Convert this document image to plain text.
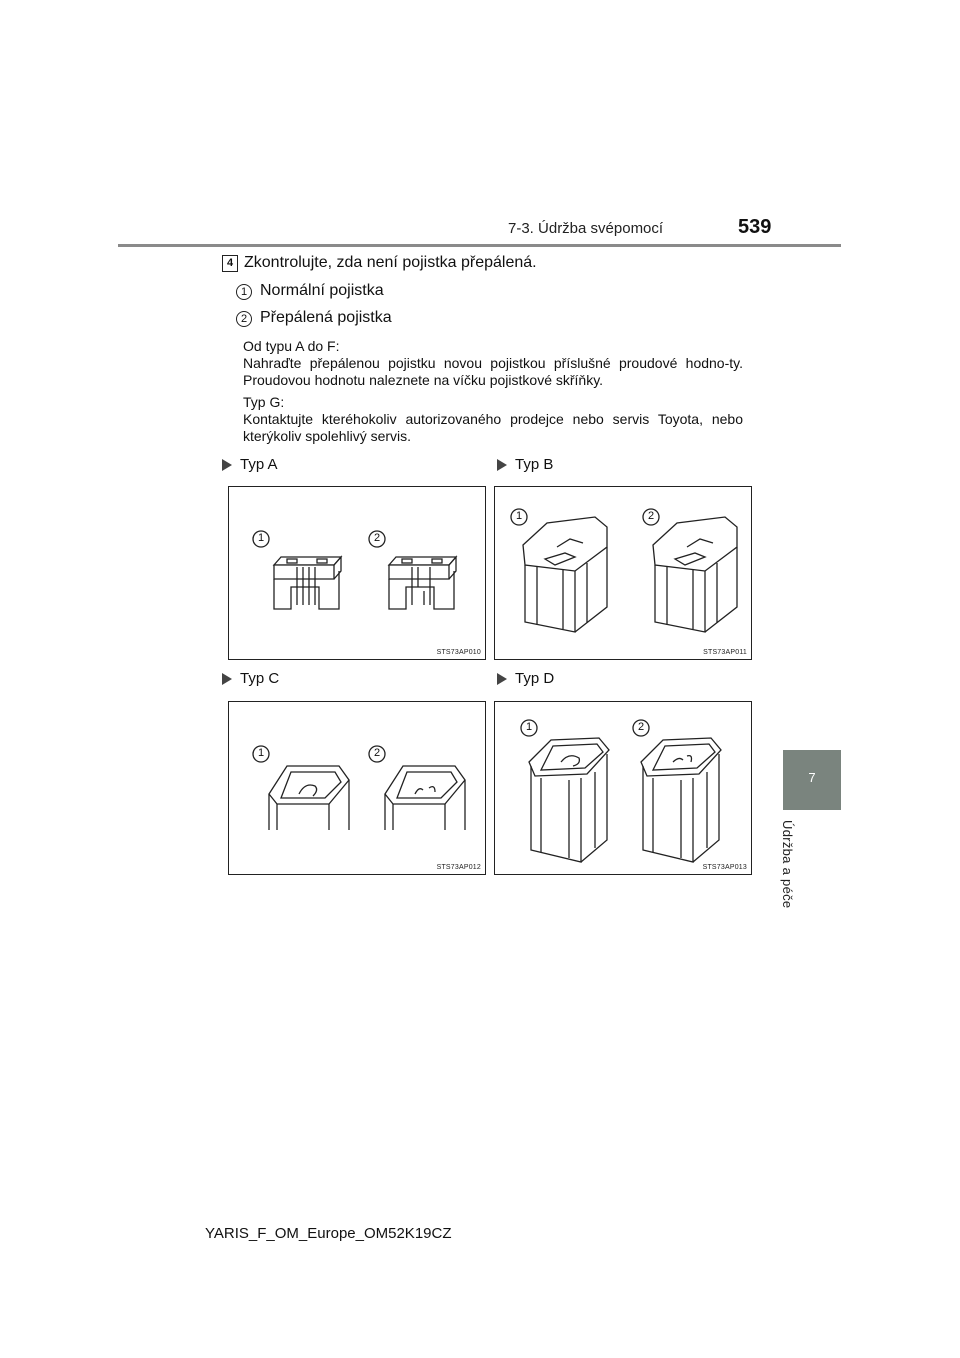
7-3. Údržba svépomocí	539
7
Údržba a péče
4 Zkontrolujte, zda není pojistka přepálená.
1 Normální pojistka
2 Přepálená pojistka
Od typu A do F:
Nahraďte přepálenou pojistku novou pojistkou příslušné proudové hodno-ty. Proudovou hodnotu naleznete na víčku pojistkové skříňky.
Typ G:
Kontaktujte kteréhokoliv autorizovaného prodejce nebo servis Toyota, nebo kterýkoliv spolehlivý servis.
Typ A	Typ B
Typ C	Typ D
1	2
STS73AP010
1	2
STS73AP011
1	2
STS73AP012
1	2
STS73AP013
YARIS_F_OM_Europe_OM52K19CZ
